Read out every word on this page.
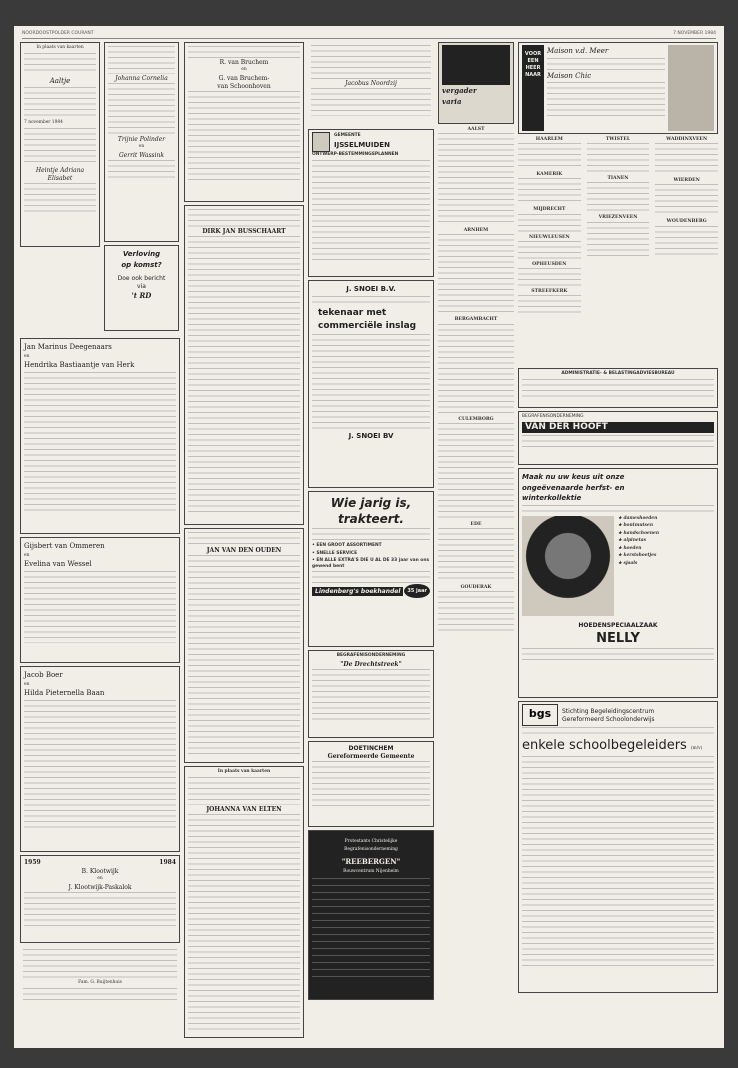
NOORDOOSTPOLDER COURANT	7 NOVEMBER 1984
In plaats van kaarten
Aaltje
7 november 1984
Heintje Adriana
Elisabet
Johanna Cornelia
Trijnie Polinder
en
Gerrit Wassink
Verloving
op komst?
Doe ook bericht
via
't RD
Jan Marinus Deegenaars
en
Hendrika Bastiaantje van Herk
Gijsbert van Ommeren
en
Evelina van Wessel
Jacob Boer
en
Hilda Pieternella Baan
1959	1984
B. Klootwijk
en
J. Klootwijk-Paskalok
Fam. G. Buijtenhuis
R. van Bruchem
en
G. van Bruchem-
van Schoonhoven
DIRK JAN BUSSCHAART
JAN VAN DEN OUDEN
In plaats van kaarten
JOHANNA VAN ELTEN
Jacobus Noordzij
GEMEENTE
IJSSELMUIDEN
ONTWERP-BESTEMMINGSPLANNEN
J. SNOEI B.V.
tekenaar met
commerciële inslag
J. SNOEI BV
Wie jarig is,
trakteert.
• EEN GROOT ASSORTIMENT
• SNELLE SERVICE
• EN ALLE EXTRA'S DIE U AL DE 33 jaar van ons gewend bent
Lindenberg's boekhandel	35 jaar
BEGRAFENISONDERNEMING
"De Drechtstreek"
DOETINCHEM
Gereformeerde Gemeente
Protestants Christelijke
Begrafenisonderneming
"REEBERGEN"
Rouwcentrum Nijenheim
vergader
varia
AALST
ARNHEM
BERGAMBACHT
CULEMBORG
EDE
GOUDERAK
VOOR
EEN
HEER
NAAR
Maison v.d. Meer
Maison Chic
HAARLEM
KAMERIK
MIJDRECHT
NIEUWLEUSEN
OPHEUSDEN
STREEFKERK
TWISTEL
TIANEN
VRIEZENVEEN
WADDINXVEEN
WIERDEN
WOUDENBERG
ADMINISTRATIE- & BELASTINGADVIESBUREAU
BEGRAFENISONDERNEMING
VAN DER HOOFT
Maak nu uw keus uit onze
ongeëvenaarde herfst- en
winterkollektie
★ dameshoeden
★ bontmutsen
★ handschoenen
★ alpinetas
★ hoeden
★ kerstshoetjes
★ sjaals
HOEDENSPECIAALZAAK
NELLY
bgs	Stichting Begeleidingscentrum
Gereformeerd Schoolonderwijs
enkele schoolbegeleiders (m/v)
